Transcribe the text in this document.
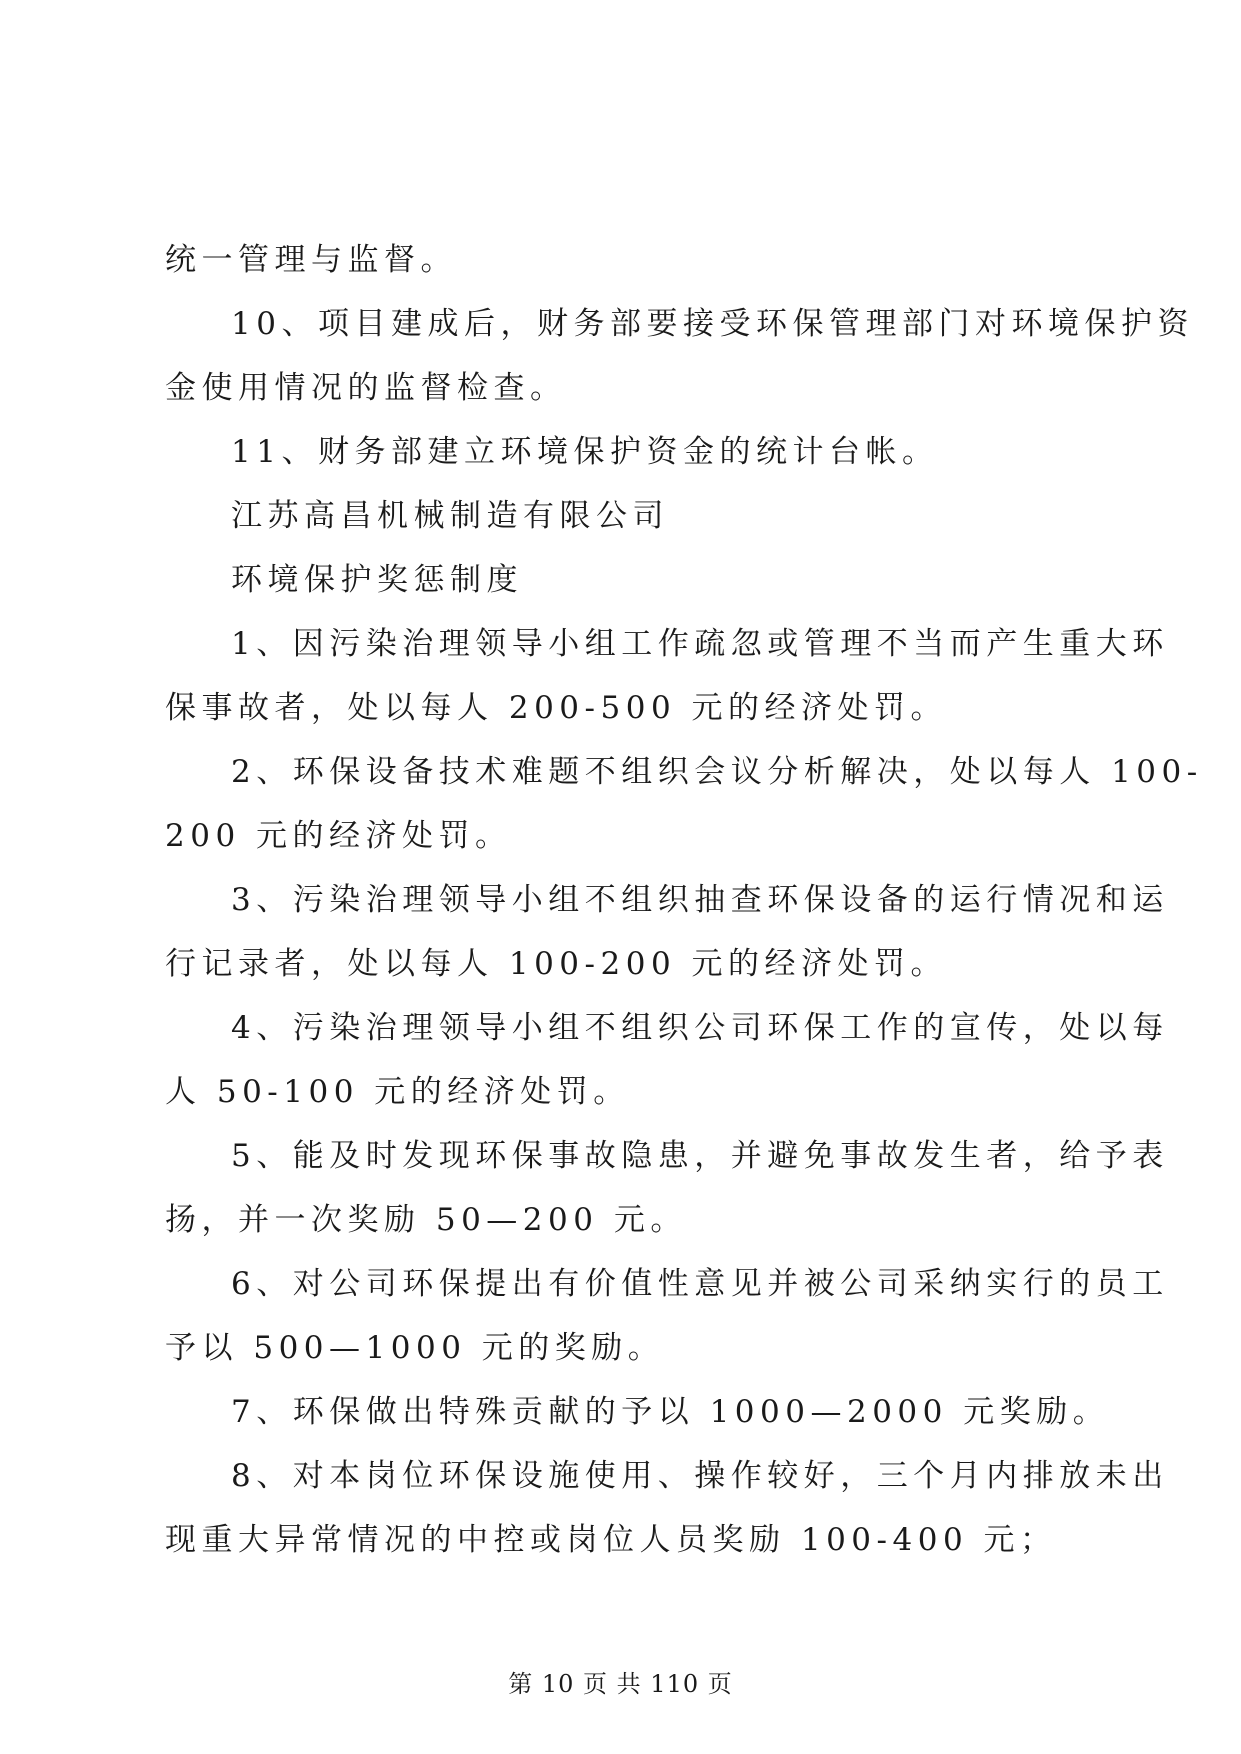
统一管理与监督。
10、项目建成后，财务部要接受环保管理部门对环境保护资
金使用情况的监督检查。
11、财务部建立环境保护资金的统计台帐。
江苏高昌机械制造有限公司
环境保护奖惩制度
1、因污染治理领导小组工作疏忽或管理不当而产生重大环
保事故者，处以每人 200-500 元的经济处罚。
2、环保设备技术难题不组织会议分析解决，处以每人 100-
200 元的经济处罚。
3、污染治理领导小组不组织抽查环保设备的运行情况和运
行记录者，处以每人 100-200 元的经济处罚。
4、污染治理领导小组不组织公司环保工作的宣传，处以每
人 50-100 元的经济处罚。
5、能及时发现环保事故隐患，并避免事故发生者，给予表
扬，并一次奖励 50—200 元。
6、对公司环保提出有价值性意见并被公司采纳实行的员工
予以 500—1000 元的奖励。
7、环保做出特殊贡献的予以 1000—2000 元奖励。
8、对本岗位环保设施使用、操作较好，三个月内排放未出
现重大异常情况的中控或岗位人员奖励 100-400 元；
第 10 页 共 110 页
